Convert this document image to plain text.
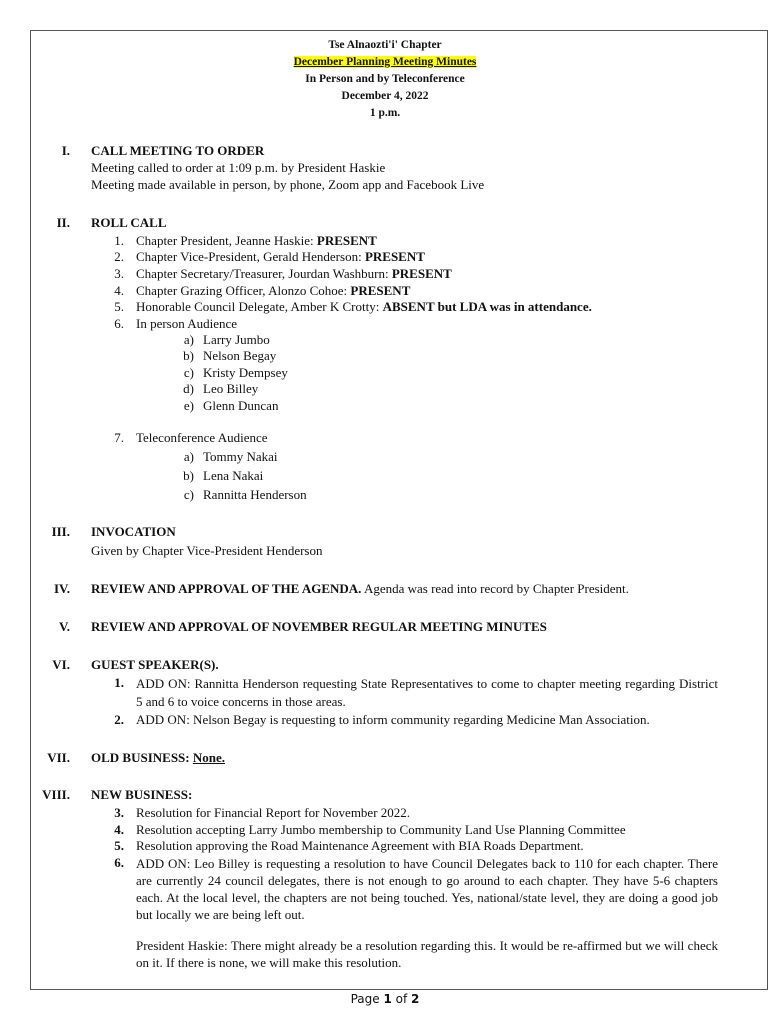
Tse Alnaozti'i' Chapter
December Planning Meeting Minutes
In Person and by Teleconference
December 4, 2022
1 p.m.
I. CALL MEETING TO ORDER
Meeting called to order at 1:09 p.m. by President Haskie
Meeting made available in person, by phone, Zoom app and Facebook Live
II. ROLL CALL
1. Chapter President, Jeanne Haskie: PRESENT
2. Chapter Vice-President, Gerald Henderson: PRESENT
3. Chapter Secretary/Treasurer, Jourdan Washburn: PRESENT
4. Chapter Grazing Officer, Alonzo Cohoe: PRESENT
5. Honorable Council Delegate, Amber K Crotty: ABSENT but LDA was in attendance.
6. In person Audience
a) Larry Jumbo
b) Nelson Begay
c) Kristy Dempsey
d) Leo Billey
e) Glenn Duncan
7. Teleconference Audience
a) Tommy Nakai
b) Lena Nakai
c) Rannitta Henderson
III. INVOCATION
Given by Chapter Vice-President Henderson
IV. REVIEW AND APPROVAL OF THE AGENDA. Agenda was read into record by Chapter President.
V. REVIEW AND APPROVAL OF NOVEMBER REGULAR MEETING MINUTES
VI. GUEST SPEAKER(S).
1. ADD ON: Rannitta Henderson requesting State Representatives to come to chapter meeting regarding District 5 and 6 to voice concerns in those areas.
2. ADD ON: Nelson Begay is requesting to inform community regarding Medicine Man Association.
VII. OLD BUSINESS: None.
VIII. NEW BUSINESS:
3. Resolution for Financial Report for November 2022.
4. Resolution accepting Larry Jumbo membership to Community Land Use Planning Committee
5. Resolution approving the Road Maintenance Agreement with BIA Roads Department.
6. ADD ON: Leo Billey is requesting a resolution to have Council Delegates back to 110 for each chapter. There are currently 24 council delegates, there is not enough to go around to each chapter. They have 5-6 chapters each. At the local level, the chapters are not being touched. Yes, national/state level, they are doing a good job but locally we are being left out.
President Haskie: There might already be a resolution regarding this. It would be re-affirmed but we will check on it. If there is none, we will make this resolution.
Page 1 of 2
